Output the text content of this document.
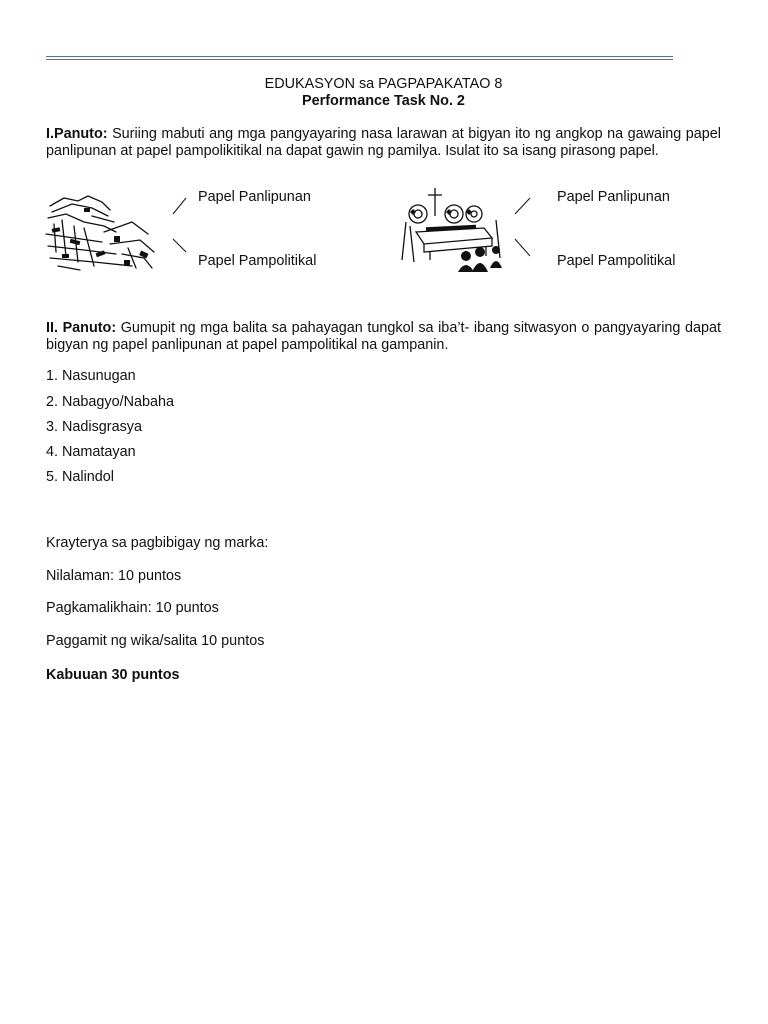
EDUKASYON sa PAGPAPAKATAO 8
Performance Task No. 2
I.Panuto: Suriing mabuti ang mga pangyayaring nasa larawan at bigyan ito ng angkop na gawaing papel panlipunan at papel pampolikitikal na dapat gawin ng pamilya. Isulat ito sa isang pirasong papel.
Papel Panlipunan
Papel Pampolitikal
Papel Panlipunan
Papel Pampolitikal
II. Panuto: Gumupit ng mga balita sa pahayagan tungkol sa iba’t- ibang sitwasyon o pangyayaring dapat bigyan ng papel panlipunan at papel pampolitikal na gampanin.
1. Nasunugan
2. Nabagyo/Nabaha
3. Nadisgrasya
4. Namatayan
5. Nalindol
Krayterya sa pagbibigay ng marka:
Nilalaman: 10 puntos
Pagkamalikhain: 10 puntos
Paggamit ng wika/salita 10 puntos
Kabuuan 30 puntos
